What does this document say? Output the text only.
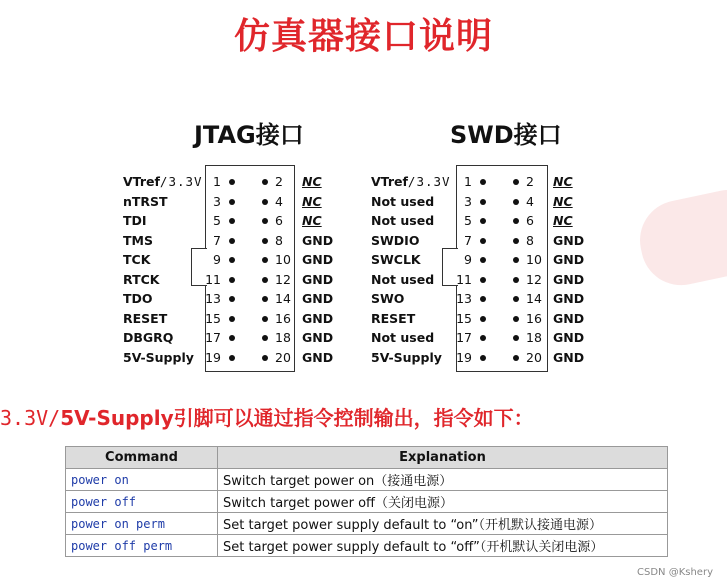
仿真器接口说明
JTAG接口	SWD接口
VTref/3.3V 1	2 NC
nTRST	3	4 NC
TDI	5	6 NC
TMS	7	8 GND
TCK	9	10 GND
RTCK	11	12 GND
TDO	13	14 GND
RESET	15	16 GND
DBGRQ	17	18 GND
5V-Supply 19	20 GND
VTref/3.3V	1	2 NC
Not used	3	4 NC
Not used	5	6 NC
SWDIO	7	8 GND
SWCLK	9	10 GND
Not used 11	12 GND
SWO	13	14 GND
RESET	15	16 GND
Not used 17	18 GND
5V-Supply 19	20 GND
3.3V/5V-Supply引脚可以通过指令控制输出，指令如下：
Command	Explanation
power on	Switch target power on（接通电源）
power off	Switch target power off（关闭电源）
power on perm	Set target power supply default to “on”（开机默认接通电源）
power off perm	Set target power supply default to “off”（开机默认关闭电源）
CSDN @Kshery
